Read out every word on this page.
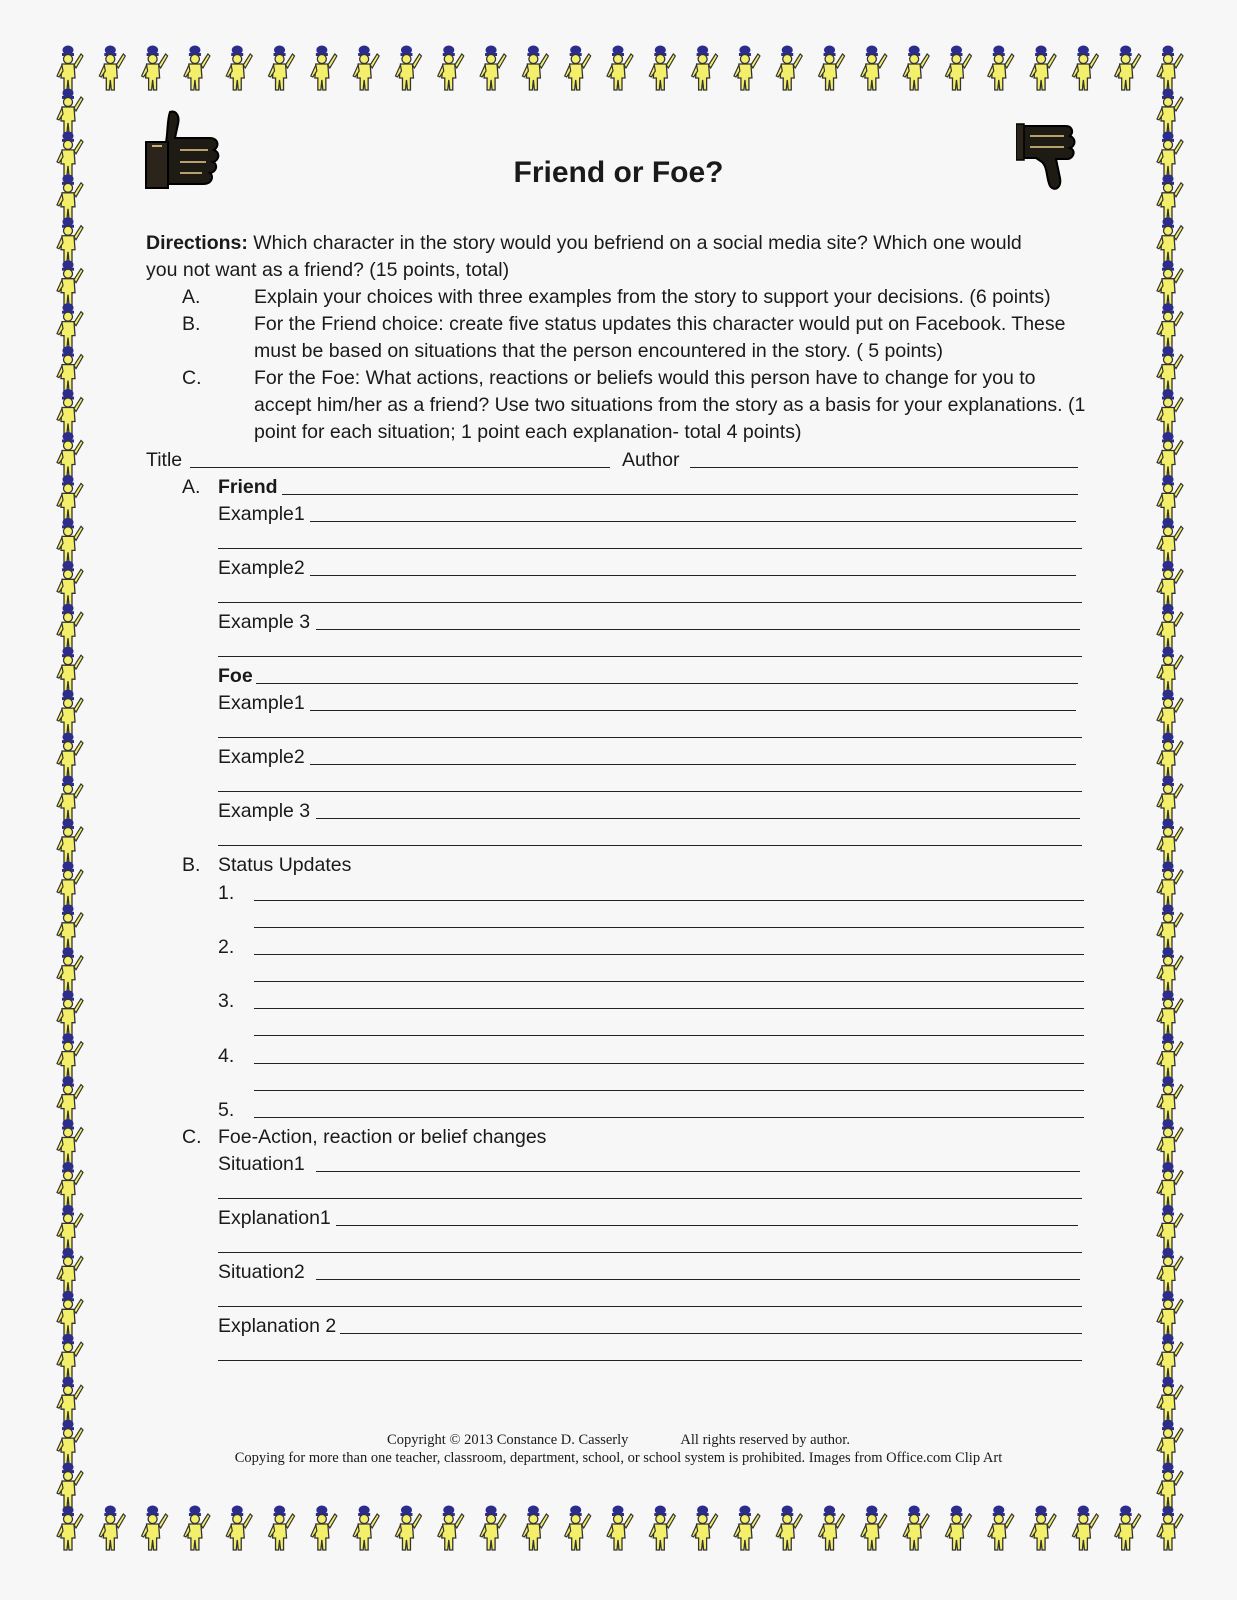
Friend or Foe?

Directions: Which character in the story would you befriend on a social media site? Which one would

you not want as a friend? (15 points, total)

A.	Explain your choices with three examples from the story to support your decisions. (6 points)
B.	For the Friend choice: create five status updates this character would put on Facebook. These
must be based on situations that the person encountered in the story. ( 5 points)
C.	For the Foe: What actions, reactions or beliefs would this person have to change for you to
accept him/her as a friend? Use two situations from the story as a basis for your explanations. (1
point for each situation; 1 point each explanation- total 4 points)
Title	Author
A. Friend
Example1
Example2
Example 3
Foe
Example1
Example2
Example 3
B. Status Updates
1.
2.
3.
4.
5.
C. Foe-Action, reaction or belief changes
Situation1
Explanation1
Situation2
Explanation 2
Copyright © 2013 Constance D. Casserly	All rights reserved by author.
Copying for more than one teacher, classroom, department, school, or school system is prohibited. Images from Office.com Clip Art
